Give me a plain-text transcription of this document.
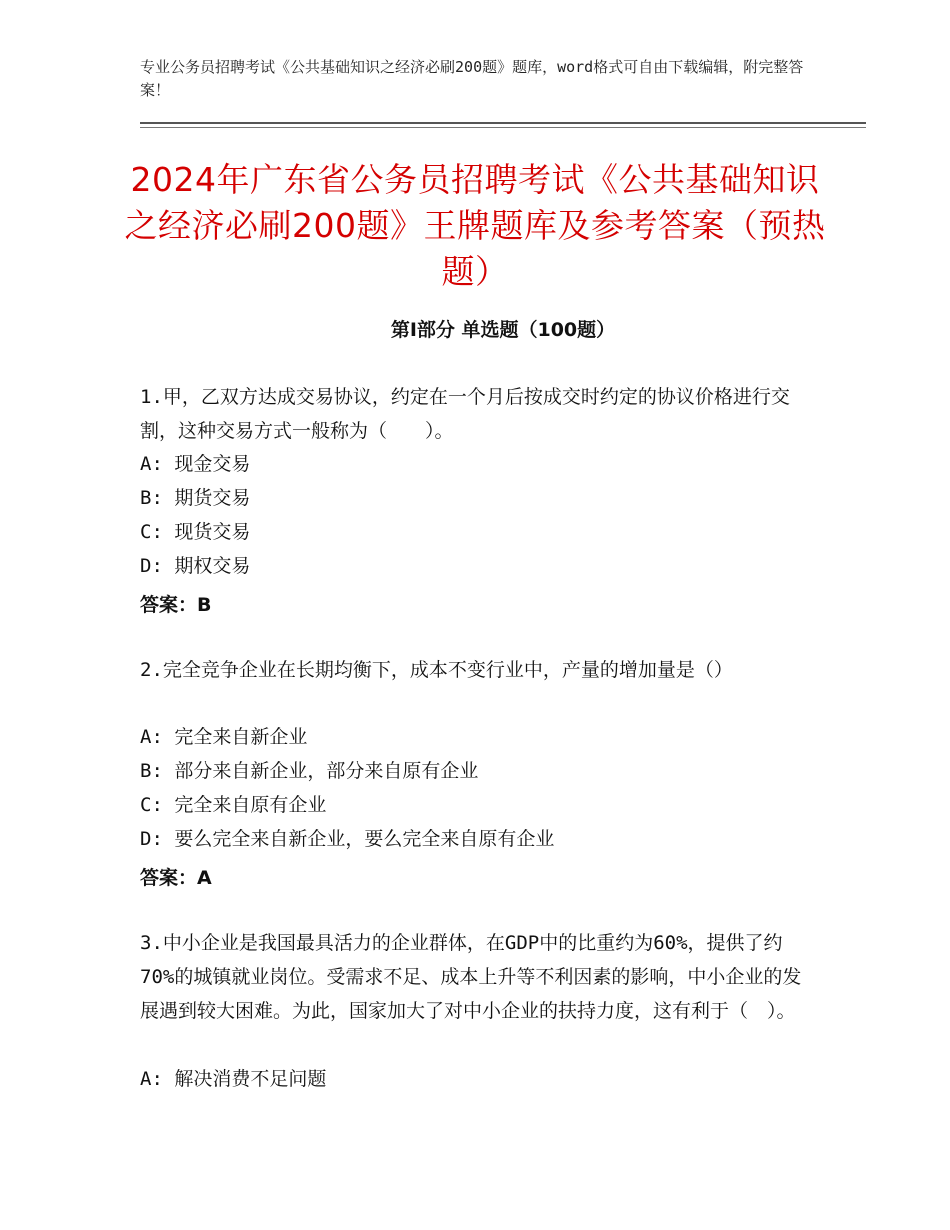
专业公务员招聘考试《公共基础知识之经济必刷200题》题库，word格式可自由下载编辑，附完整答案！
2024年广东省公务员招聘考试《公共基础知识之经济必刷200题》王牌题库及参考答案（预热题）
第Ⅰ部分 单选题（100题）
1.甲，乙双方达成交易协议，约定在一个月后按成交时约定的协议价格进行交割，这种交易方式一般称为（　　）。
A: 现金交易
B: 期货交易
C: 现货交易
D: 期权交易
答案：B
2.完全竞争企业在长期均衡下，成本不变行业中，产量的增加量是（）
A: 完全来自新企业
B: 部分来自新企业，部分来自原有企业
C: 完全来自原有企业
D: 要么完全来自新企业，要么完全来自原有企业
答案：A
3.中小企业是我国最具活力的企业群体，在GDP中的比重约为60%，提供了约70%的城镇就业岗位。受需求不足、成本上升等不利因素的影响，中小企业的发展遇到较大困难。为此，国家加大了对中小企业的扶持力度，这有利于（　）。
A: 解决消费不足问题
